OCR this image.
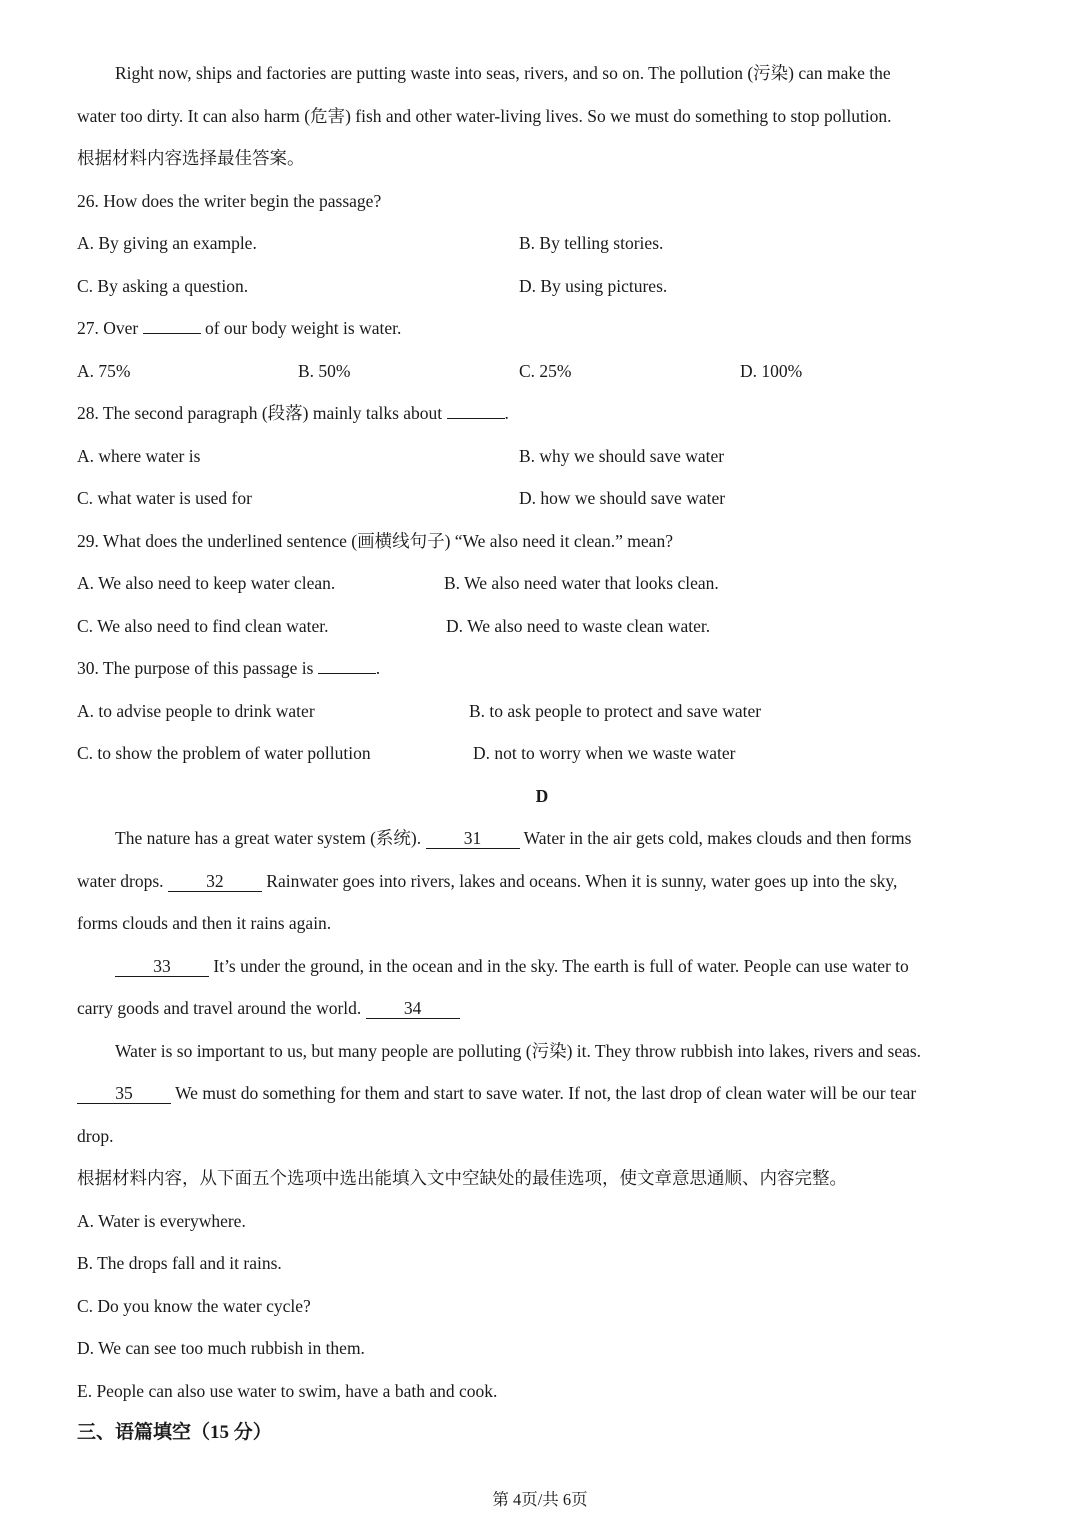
Right now, ships and factories are putting waste into seas, rivers, and so on. The pollution (污染) can make the
water too dirty. It can also harm (危害) fish and other water-living lives. So we must do something to stop pollution.
根据材料内容选择最佳答案。
26. How does the writer begin the passage?
A. By giving an example.	B. By telling stories.
C. By asking a question.	D. By using pictures.
27. Over	of our body weight is water.
A. 75%	B. 50%	C. 25%	D. 100%
28. The second paragraph (段落) mainly talks about	.
A. where water is	B. why we should save water
C. what water is used for	D. how we should save water
29. What does the underlined sentence (画横线句子) “We also need it clean.” mean?
A. We also need to keep water clean.	B. We also need water that looks clean.
C. We also need to find clean water.	D. We also need to waste clean water.
30. The purpose of this passage is	.
A. to advise people to drink water	B. to ask people to protect and save water
C. to show the problem of water pollution	D. not to worry when we waste water
D
The nature has a great water system (系统). 31 Water in the air gets cold, makes clouds and then forms
water drops. 32 Rainwater goes into rivers, lakes and oceans. When it is sunny, water goes up into the sky,
forms clouds and then it rains again.
33 It’s under the ground, in the ocean and in the sky. The earth is full of water. People can use water to
carry goods and travel around the world. 34
Water is so important to us, but many people are polluting (污染) it. They throw rubbish into lakes, rivers and seas.
35 We must do something for them and start to save water. If not, the last drop of clean water will be our tear
drop.
根据材料内容，从下面五个选项中选出能填入文中空缺处的最佳选项，使文章意思通顺、内容完整。
A. Water is everywhere.
B. The drops fall and it rains.
C. Do you know the water cycle?
D. We can see too much rubbish in them.
E. People can also use water to swim, have a bath and cook.
三、语篇填空（15 分）
第 4页/共 6页
